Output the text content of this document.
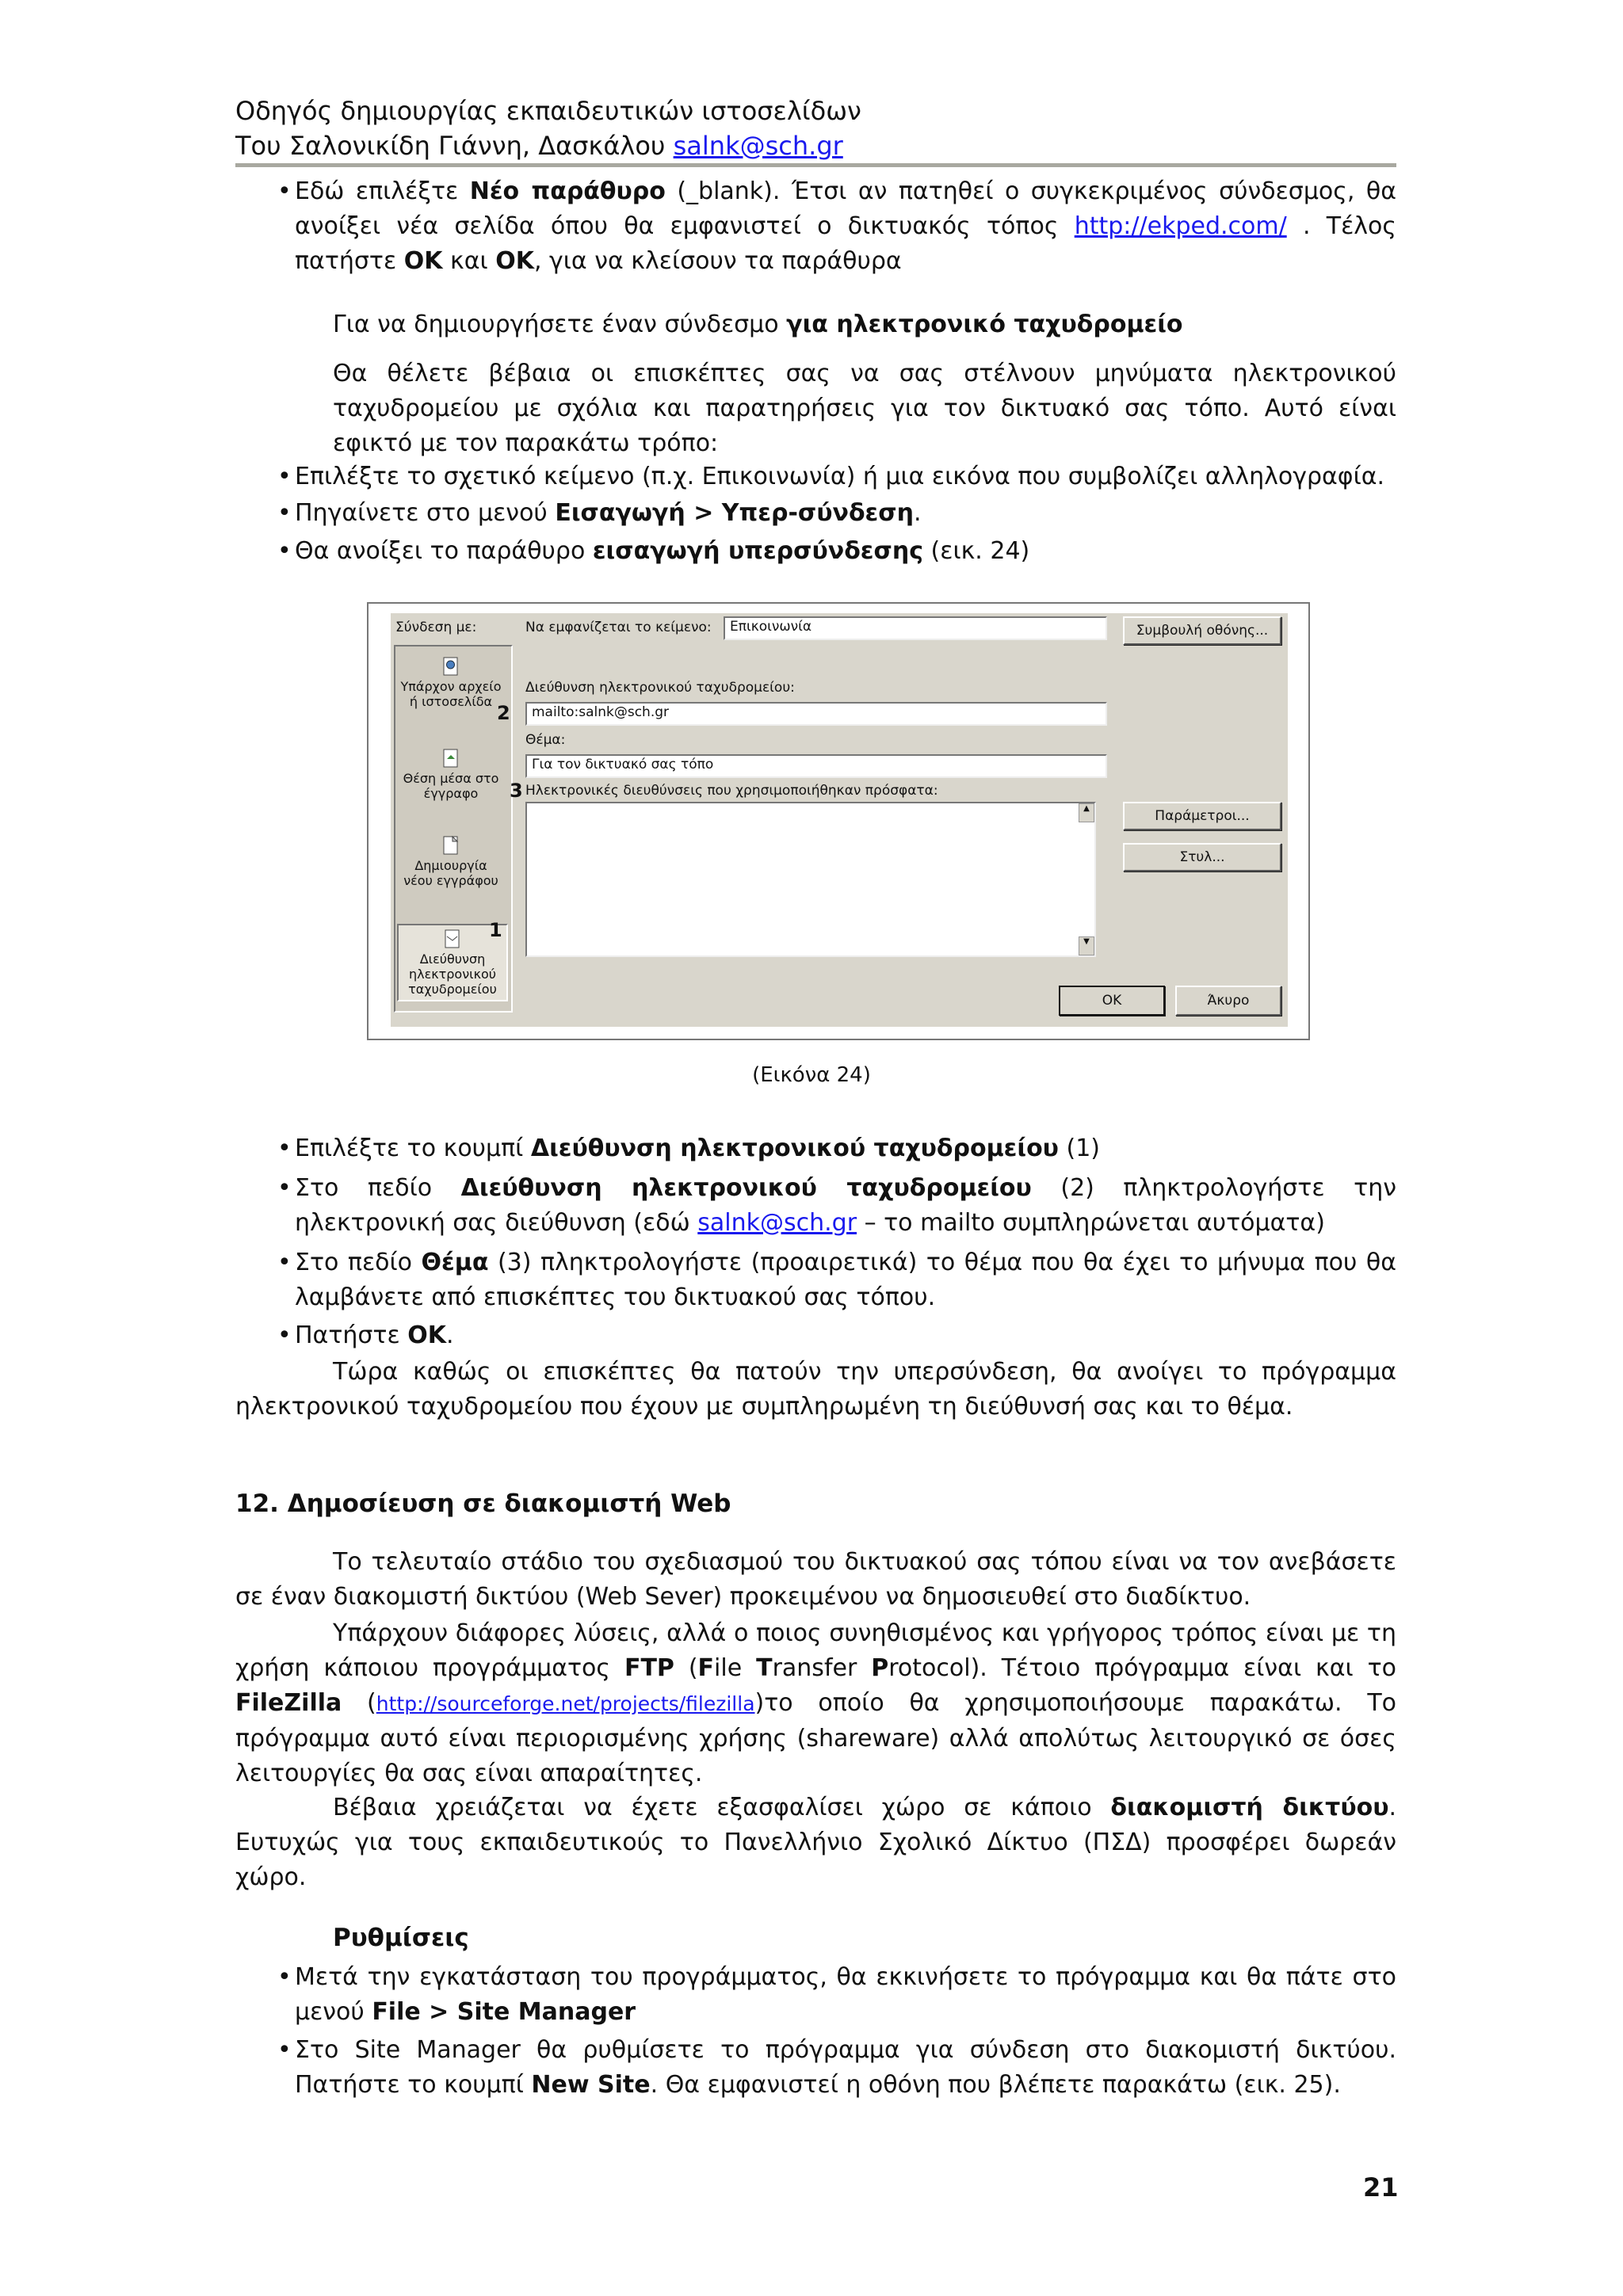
Οδηγός δημιουργίας εκπαιδευτικών ιστοσελίδων
Του Σαλονικίδη Γιάννη, Δασκάλου salnk@sch.gr
• Εδώ επιλέξτε Νέο παράθυρο (_blank). Έτσι αν πατηθεί ο συγκεκριμένος σύνδεσμος, θα ανοίξει νέα σελίδα όπου θα εμφανιστεί ο δικτυακός τόπος http://ekped.com/ . Τέλος πατήστε OK και OK, για να κλείσουν τα παράθυρα
Για να δημιουργήσετε έναν σύνδεσμο για ηλεκτρονικό ταχυδρομείο
Θα θέλετε βέβαια οι επισκέπτες σας να σας στέλνουν μηνύματα ηλεκτρονικού ταχυδρομείου με σχόλια και παρατηρήσεις για τον δικτυακό σας τόπο. Αυτό είναι εφικτό με τον παρακάτω τρόπο:
• Επιλέξτε το σχετικό κείμενο (π.χ. Επικοινωνία) ή μια εικόνα που συμβολίζει αλληλογραφία.
• Πηγαίνετε στο μενού Εισαγωγή > Υπερ-σύνδεση.
• Θα ανοίξει το παράθυρο εισαγωγή υπερσύνδεσης (εικ. 24)
Σύνδεση με:
Υπάρχον αρχείο ή ιστοσελίδα
Θέση μέσα στο έγγραφο
Δημιουργία νέου εγγράφου
Διεύθυνση ηλεκτρονικού ταχυδρομείου
1
2
3
Να εμφανίζεται το κείμενο:	Επικοινωνία	Συμβουλή οθόνης...
Διεύθυνση ηλεκτρονικού ταχυδρομείου:
mailto:salnk@sch.gr
Θέμα:
Για τον δικτυακό σας τόπο
Ηλεκτρονικές διευθύνσεις που χρησιμοποιήθηκαν πρόσφατα:
▲
▼
Παράμετροι...
Στυλ...
OK	Άκυρο
(Εικόνα 24)
• Επιλέξτε το κουμπί Διεύθυνση ηλεκτρονικού ταχυδρομείου (1)
• Στο πεδίο Διεύθυνση ηλεκτρονικού ταχυδρομείου (2) πληκτρολογήστε την ηλεκτρονική σας διεύθυνση (εδώ salnk@sch.gr – το mailto συμπληρώνεται αυτόματα)
• Στο πεδίο Θέμα (3) πληκτρολογήστε (προαιρετικά) το θέμα που θα έχει το μήνυμα που θα λαμβάνετε από επισκέπτες του δικτυακού σας τόπου.
• Πατήστε OK.
Τώρα καθώς οι επισκέπτες θα πατούν την υπερσύνδεση, θα ανοίγει το πρόγραμμα ηλεκτρονικού ταχυδρομείου που έχουν με συμπληρωμένη τη διεύθυνσή σας και το θέμα.
12. Δημοσίευση σε διακομιστή Web
Το τελευταίο στάδιο του σχεδιασμού του δικτυακού σας τόπου είναι να τον ανεβάσετε σε έναν διακομιστή δικτύου (Web Sever) προκειμένου να δημοσιευθεί στο διαδίκτυο.
Υπάρχουν διάφορες λύσεις, αλλά ο ποιος συνηθισμένος και γρήγορος τρόπος είναι με τη χρήση κάποιου προγράμματος FTP (File Transfer Protocol). Τέτοιο πρόγραμμα είναι και το FileZilla (http://sourceforge.net/projects/filezilla)το οποίο θα χρησιμοποιήσουμε παρακάτω. Το πρόγραμμα αυτό είναι περιορισμένης χρήσης (shareware) αλλά απολύτως λειτουργικό σε όσες λειτουργίες θα σας είναι απαραίτητες.
Βέβαια χρειάζεται να έχετε εξασφαλίσει χώρο σε κάποιο διακομιστή δικτύου. Ευτυχώς για τους εκπαιδευτικούς το Πανελλήνιο Σχολικό Δίκτυο (ΠΣΔ) προσφέρει δωρεάν χώρο.
Ρυθμίσεις
• Μετά την εγκατάσταση του προγράμματος, θα εκκινήσετε το πρόγραμμα και θα πάτε στο μενού File > Site Manager
• Στο Site Manager θα ρυθμίσετε το πρόγραμμα για σύνδεση στο διακομιστή δικτύου. Πατήστε το κουμπί New Site. Θα εμφανιστεί η οθόνη που βλέπετε παρακάτω (εικ. 25).
21
